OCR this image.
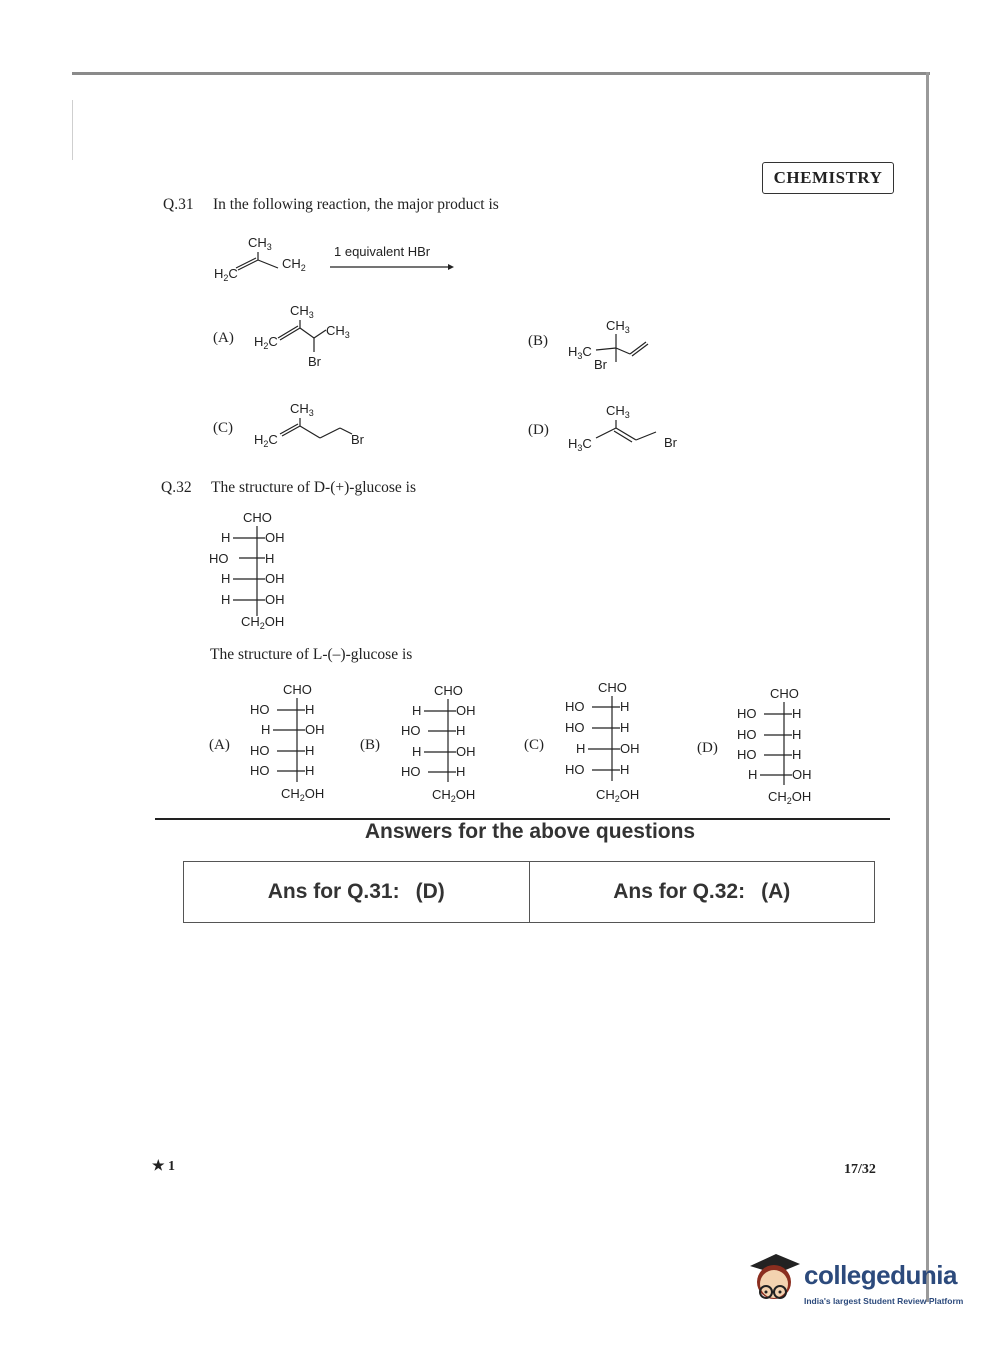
CHEMISTRY
Q.31 In the following reaction, the major product is
$CH_3$
$H_2C$
$CH_2$
1 equivalent HBr
(A)
$CH_3$
$H_2C$
$CH_3$
Br
(B)
$CH_3$
$H_3C$
Br
(C)
$CH_3$
$H_2C$	Br
(D)
$CH_3$
$H_3C$	Br
Q.32 The structure of D-(+)-glucose is
CHO
H	OH
HO	H
H	OH
H	OH
$CH_2OH$
The structure of L-(–)-glucose is
(A)
CHO
HO	H
H	OH
HO	H
HO	H
$CH_2OH$
(B)
CHO
H	OH
HO	H
H	OH
HO	H
$CH_2OH$
(C)
CHO
HO	H
HO	H
H	OH
HO	H
$CH_2OH$
(D)
CHO
HO	H
HO	H
HO	H
H	OH
$CH_2OH$
Answers for the above questions
Ans for Q.31: (D)	Ans for Q.32: (A)
★ 1	17/32
collegedunia
India's largest Student Review Platform
